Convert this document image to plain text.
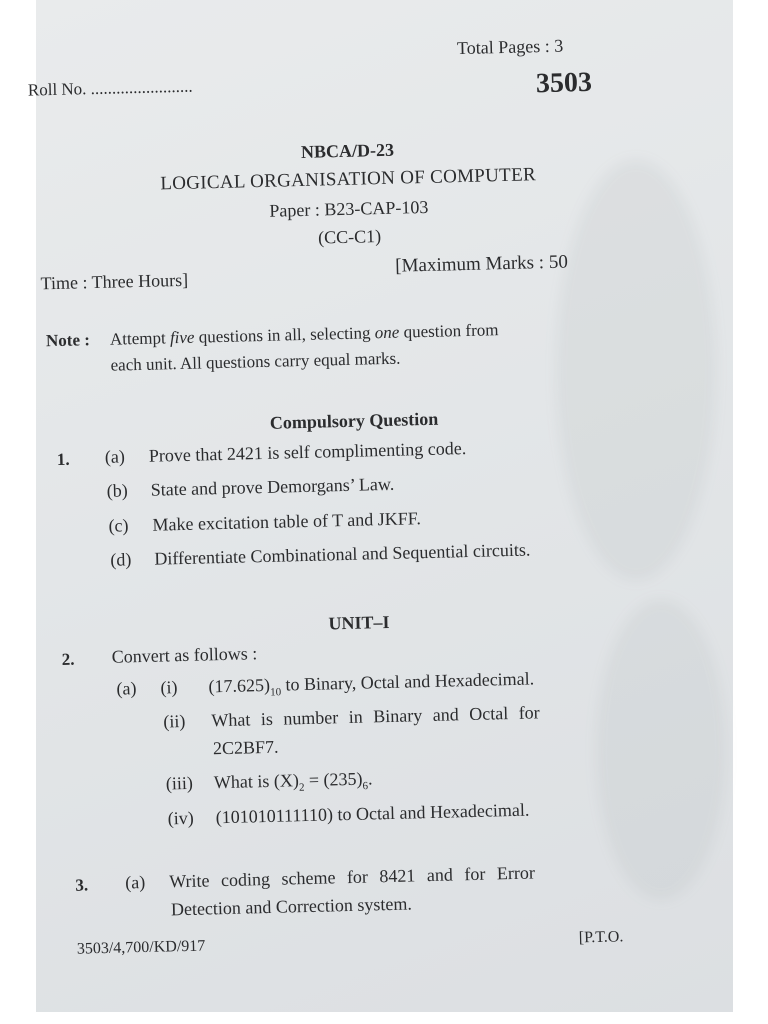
Roll No. ........................
Total Pages : 3
3503
NBCA/D-23
LOGICAL ORGANISATION OF COMPUTER
Paper : B23-CAP-103
(CC-C1)
Time : Three Hours]
[Maximum Marks : 50
Note :	Attempt five questions in all, selecting one question from
each unit. All questions carry equal marks.
Compulsory Question
1. (a) Prove that 2421 is self complimenting code.
(b) State and prove Demorgans’ Law.
(c) Make excitation table of T and JKFF.
(d) Differentiate Combinational and Sequential circuits.
UNIT–I
2. Convert as follows :
(a) (i) $(17.625)_{10}$ to Binary, Octal and Hexadecimal.
(ii) What is number in Binary and Octal for
2C2BF7.
(iii) What is $(X)_2 = (235)_6$.
(iv) (101010111110) to Octal and Hexadecimal.
3. (a) Write coding scheme for 8421 and for Error
Detection and Correction system.
3503/4,700/KD/917
[P.T.O.
